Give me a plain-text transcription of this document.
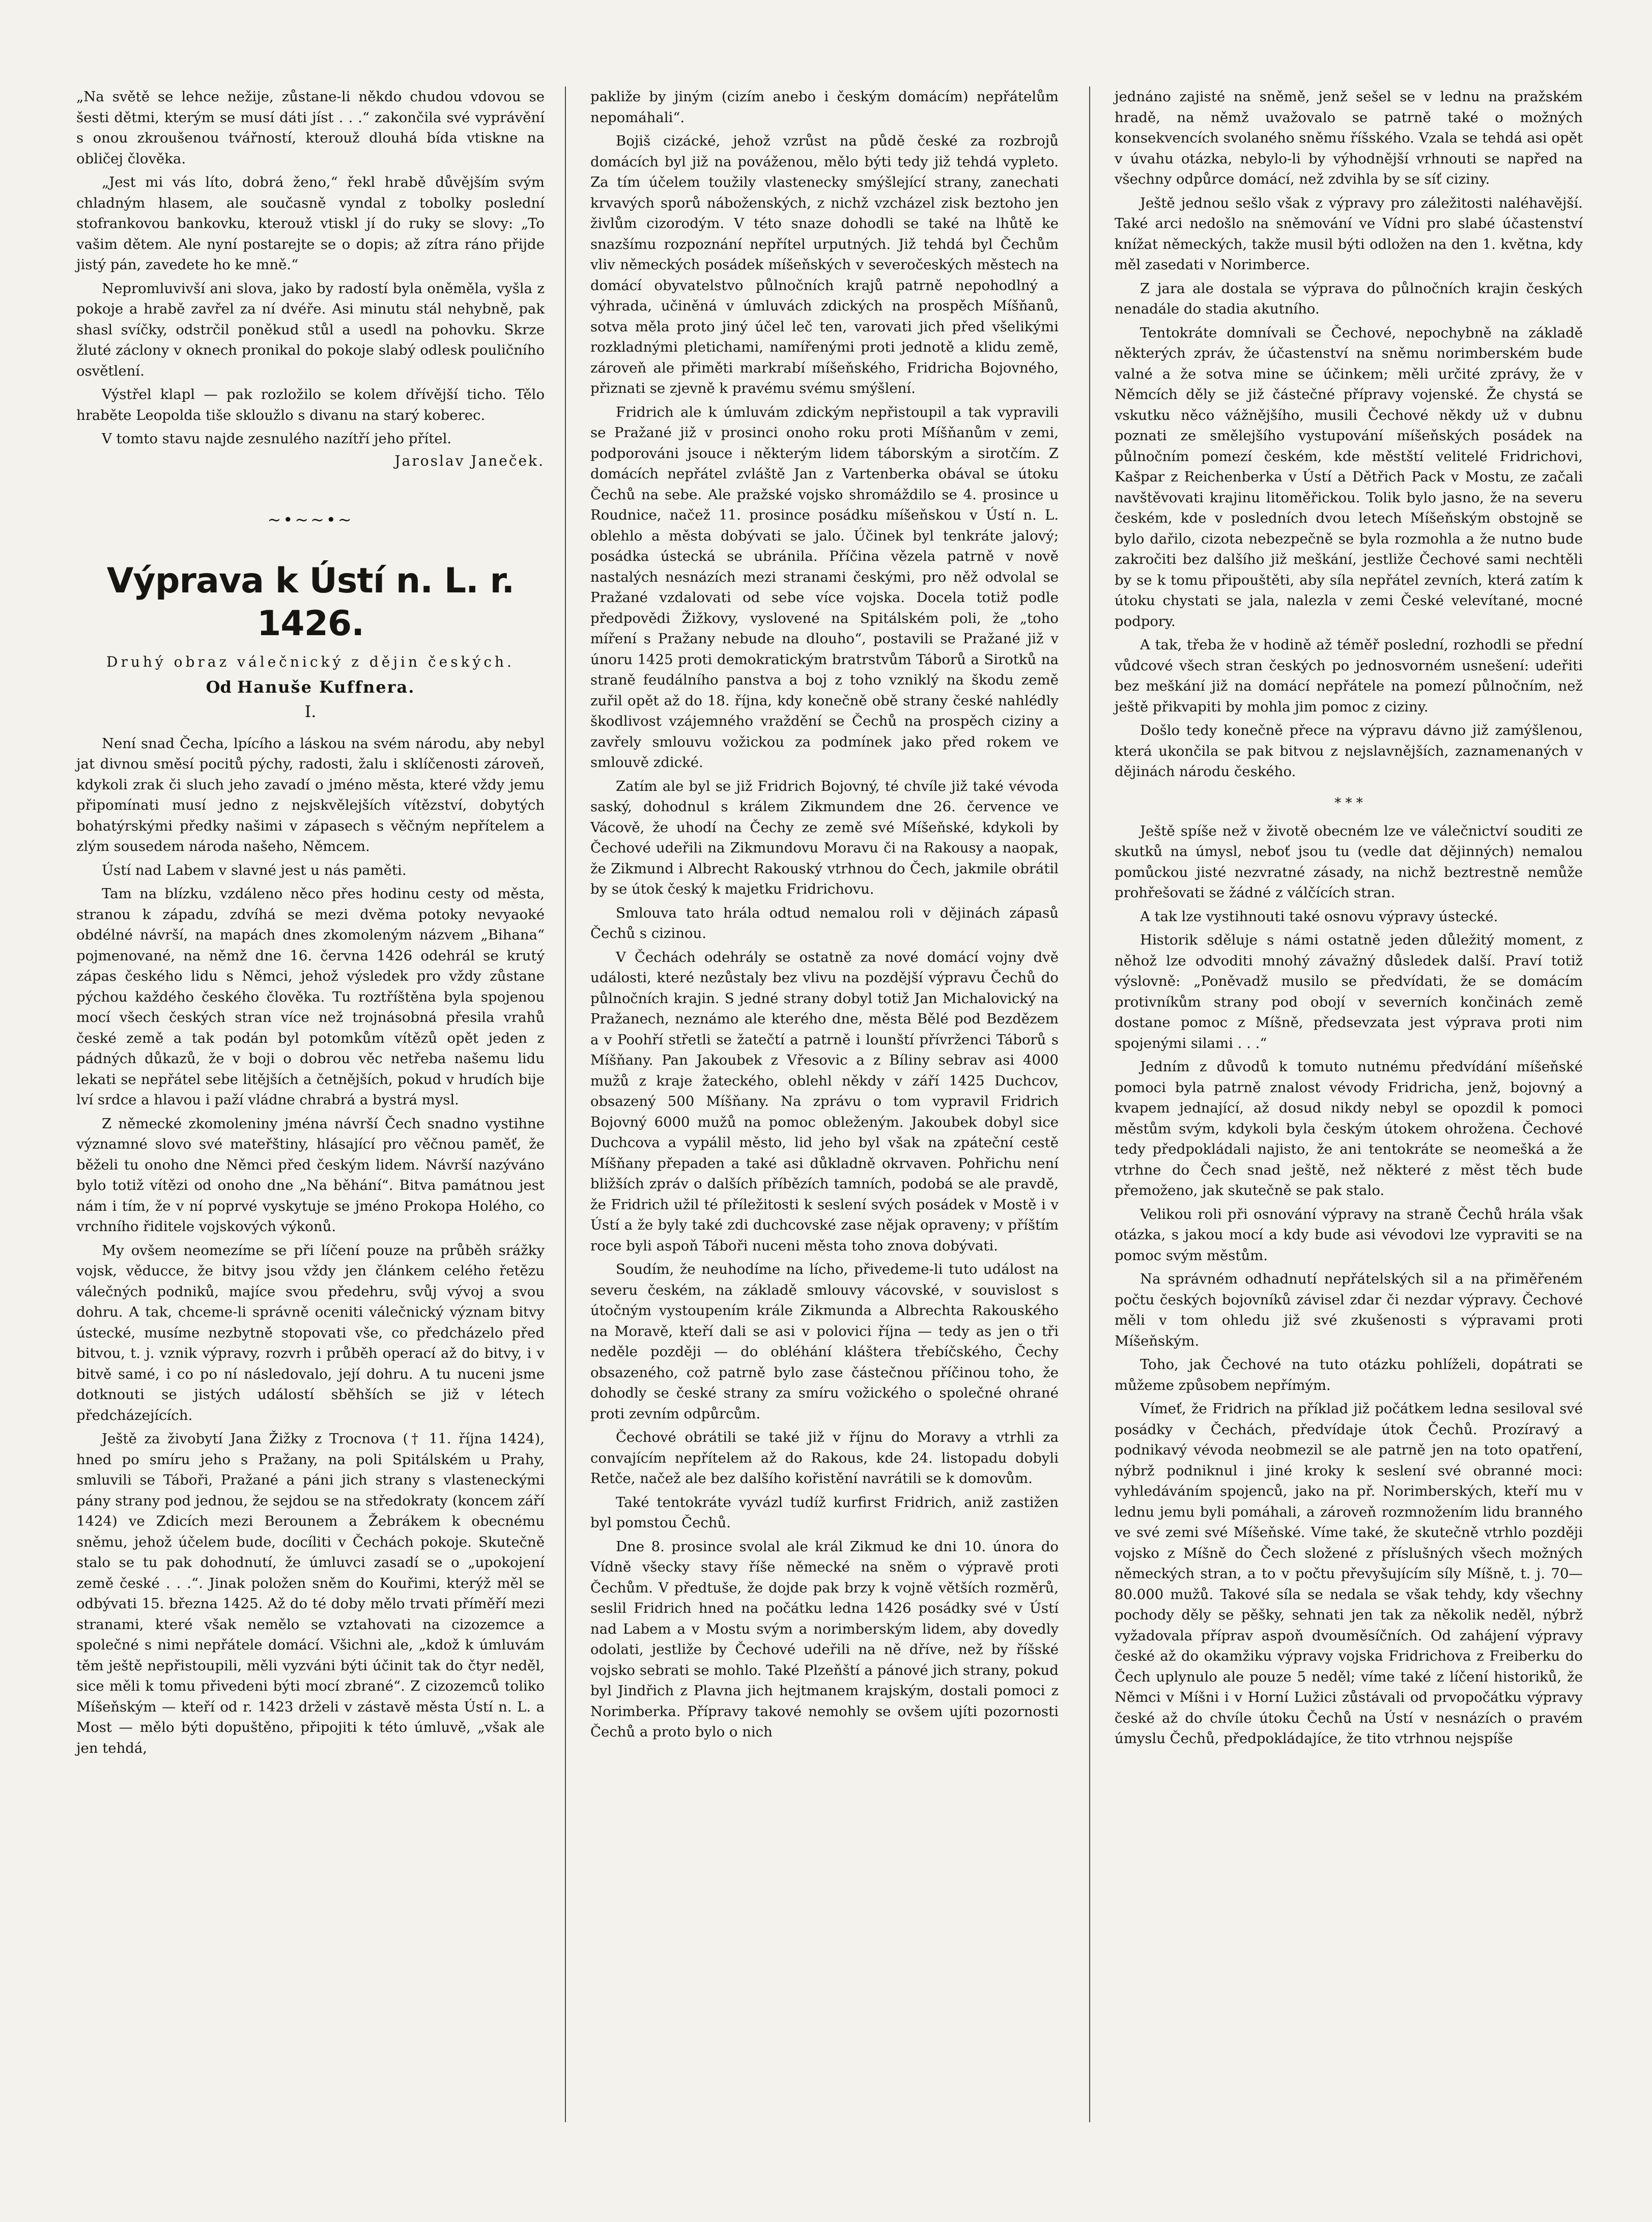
„Na světě se lehce nežije, zůstane-li někdo chudou vdovou se šesti dětmi, kterým se musí dáti jíst . . .“ zakončila své vyprávění s onou zkroušenou tvářností, kterouž dlouhá bída vtiskne na obličej člověka.

„Jest mi vás líto, dobrá ženo,“ řekl hrabě důvějším svým chladným hlasem, ale současně vyndal z tobolky poslední stofrankovou bankovku, kterouž vtiskl jí do ruky se slovy: „To vašim dětem. Ale nyní postarejte se o dopis; až zítra ráno přijde jistý pán, zavedete ho ke mně.“

Nepromluvivší ani slova, jako by radostí byla oněměla, vyšla z pokoje a hrabě zavřel za ní dvéře. Asi minutu stál nehybně, pak shasl svíčky, odstrčil poněkud stůl a usedl na pohovku. Skrze žluté záclony v oknech pronikal do pokoje slabý odlesk pouličního osvětlení.

Výstřel klapl — pak rozložilo se kolem dřívější ticho. Tělo hraběte Leopolda tiše skloužlo s divanu na starý koberec.

V tomto stavu najde zesnulého nazítří jeho přítel.

Jaroslav Janeček.
~•~~•~
Výprava k Ústí n. L. r. 1426.
Druhý obraz válečnický z dějin českých.
Od Hanuše Kuffnera.
I.

Není snad Čecha, lpícího a láskou na svém národu, aby nebyl jat divnou směsí pocitů pýchy, radosti, žalu i sklíčenosti zároveň, kdykoli zrak či sluch jeho zavadí o jméno města, které vždy jemu připomínati musí jedno z nejskvělejších vítězství, dobytých bohatýrskými předky našimi v zápasech s věčným nepřítelem a zlým sousedem národa našeho, Němcem.

Ústí nad Labem v slavné jest u nás paměti.

Tam na blízku, vzdáleno něco přes hodinu cesty od města, stranou k západu, zdvíhá se mezi dvěma potoky nevyaoké obdélné návrší, na mapách dnes zkomoleným názvem „Bihana“ pojmenované, na němž dne 16. června 1426 odehrál se krutý zápas českého lidu s Němci, jehož výsledek pro vždy zůstane pýchou každého českého člověka. Tu roztříštěna byla spojenou mocí všech českých stran více než trojnásobná přesila vrahů české země a tak podán byl potomkům vítězů opět jeden z pádných důkazů, že v boji o dobrou věc netřeba našemu lidu lekati se nepřátel sebe litějších a četnějších, pokud v hrudích bije lví srdce a hlavou i paží vládne chrabrá a bystrá mysl.

Z německé zkomoleniny jména návrší Čech snadno vystihne významné slovo své mateřštiny, hlásající pro věčnou paměť, že běželi tu onoho dne Němci před českým lidem. Návrší nazýváno bylo totiž vítězi od onoho dne „Na běhání“. Bitva památnou jest nám i tím, že v ní poprvé vyskytuje se jméno Prokopa Holého, co vrchního řiditele vojskových výkonů.

My ovšem neomezíme se při líčení pouze na průběh srážky vojsk, věducce, že bitvy jsou vždy jen článkem celého řetězu válečných podniků, majíce svou předehru, svůj vývoj a svou dohru. A tak, chceme-li správně oceniti válečnický význam bitvy ústecké, musíme nezbytně stopovati vše, co předcházelo před bitvou, t. j. vznik výpravy, rozvrh i průběh operací až do bitvy, i v bitvě samé, i co po ní následovalo, její dohru. A tu nuceni jsme dotknouti se jistých událostí sběhších se již v létech předcházejících.

Ještě za živobytí Jana Žižky z Trocnova († 11. října 1424), hned po smíru jeho s Pražany, na poli Spitálském u Prahy, smluvili se Táboři, Pražané a páni jich strany s vlasteneckými pány strany pod jednou, že sejdou se na středokraty (koncem září 1424) ve Zdicích mezi Berounem a Žebrákem k obecnému sněmu, jehož účelem bude, docíliti v Čechách pokoje. Skutečně stalo se tu pak dohodnutí, že úmluvci zasadí se o „upokojení země české . . .“. Jinak položen sněm do Kouřimi, kterýž měl se odbývati 15. března 1425. Až do té doby mělo trvati příměří mezi stranami, které však nemělo se vztahovati na cizozemce a společné s nimi nepřátele domácí. Všichni ale, „kdož k úmluvám těm ještě nepřistoupili, měli vyzváni býti účinit tak do čtyr neděl, sice měli k tomu přivedeni býti mocí zbrané“. Z cizozemců toliko Míšeňským — kteří od r. 1423 drželi v zástavě města Ústí n. L. a Most — mělo býti dopuštěno, připojiti k této úmluvě, „však ale jen tehdá,

pakliže by jiným (cizím anebo i českým domácím) nepřátelům nepomáhali“.

Bojiš cizácké, jehož vzrůst na půdě české za rozbrojů domácích byl již na pováženou, mělo býti tedy již tehdá vypleto. Za tím účelem toužily vlastenecky smýšlející strany, zanechati krvavých sporů náboženských, z nichž vzcházel zisk beztoho jen živlům cizorodým. V této snaze dohodli se také na lhůtě ke snazšímu rozpoznání nepřítel urputných. Již tehdá byl Čechům vliv německých posádek míšeňských v severočeských městech na domácí obyvatelstvo půlnočních krajů patrně nepohodlný a výhrada, učiněná v úmluvách zdických na prospěch Míšňanů, sotva měla proto jiný účel leč ten, varovati jich před všelikými rozkladnými pletichami, namířenými proti jednotě a klidu země, zároveň ale přiměti markrabí míšeňského, Fridricha Bojovného, přiznati se zjevně k pravému svému smýšlení.

Fridrich ale k úmluvám zdickým nepřistoupil a tak vypravili se Pražané již v prosinci onoho roku proti Míšňanům v zemi, podporováni jsouce i některým lidem táborským a sirotčím. Z domácích nepřátel zvláště Jan z Vartenberka obával se útoku Čechů na sebe. Ale pražské vojsko shromáždilo se 4. prosince u Roudnice, načež 11. prosince posádku míšeňskou v Ústí n. L. oblehlo a města dobývati se jalo. Účinek byl tenkráte jalový; posádka ústecká se ubránila. Příčina vězela patrně v nově nastalých nesnázích mezi stranami českými, pro něž odvolal se Pražané vzdalovati od sebe více vojska. Docela totiž podle předpovědi Žižkovy, vyslovené na Spitálském poli, že „toho míření s Pražany nebude na dlouho“, postavili se Pražané již v únoru 1425 proti demokratickým bratrstvům Táborů a Sirotků na straně feudálního panstva a boj z toho vzniklý na škodu země zuřil opět až do 18. října, kdy konečně obě strany české nahlédly škodlivost vzájemného vraždění se Čechů na prospěch ciziny a zavřely smlouvu vožickou za podmínek jako před rokem ve smlouvě zdické.

Zatím ale byl se již Fridrich Bojovný, té chvíle již také vévoda saský, dohodnul s králem Zikmundem dne 26. července ve Vácově, že uhodí na Čechy ze země své Míšeňské, kdykoli by Čechové udeřili na Zikmundovu Moravu či na Rakousy a naopak, že Zikmund i Albrecht Rakouský vtrhnou do Čech, jakmile obrátil by se útok český k majetku Fridrichovu.

Smlouva tato hrála odtud nemalou roli v dějinách zápasů Čechů s cizinou.

V Čechách odehrály se ostatně za nové domácí vojny dvě události, které nezůstaly bez vlivu na pozdější výpravu Čechů do půlnočních krajin. S jedné strany dobyl totiž Jan Michalovický na Pražanech, neznámo ale kterého dne, města Bělé pod Bezdězem a v Poohří střetli se žatečtí a patrně i lounští přívrženci Táborů s Míšňany. Pan Jakoubek z Vřesovic a z Bíliny sebrav asi 4000 mužů z kraje žateckého, oblehl někdy v září 1425 Duchcov, obsazený 500 Míšňany. Na zprávu o tom vypravil Fridrich Bojovný 6000 mužů na pomoc obleženým. Jakoubek dobyl sice Duchcova a vypálil město, lid jeho byl však na zpáteční cestě Míšňany přepaden a také asi důkladně okrvaven. Pohřichu není bližších zpráv o dalších příbězích tamních, podobá se ale pravdě, že Fridrich užil té příležitosti k seslení svých posádek v Mostě i v Ústí a že byly také zdi duchcovské zase nějak opraveny; v příštím roce byli aspoň Táboři nuceni města toho znova dobývati.

Soudím, že neuhodíme na lícho, přivedeme-li tuto událost na severu českém, na základě smlouvy vácovské, v souvislost s útočným vystoupením krále Zikmunda a Albrechta Rakouského na Moravě, kteří dali se asi v polovici října — tedy as jen o tři neděle později — do obléhání kláštera třebíčského, Čechy obsazeného, což patrně bylo zase částečnou příčinou toho, že dohodly se české strany za smíru vožického o společné ohrané proti zevním odpůrcům.

Čechové obrátili se také již v říjnu do Moravy a vtrhli za convajícím nepřítelem až do Rakous, kde 24. listopadu dobyli Retče, načež ale bez dalšího kořistění navrátili se k domovům.

Také tentokráte vyvázl tudíž kurfirst Fridrich, aniž zastižen byl pomstou Čechů.

Dne 8. prosince svolal ale král Zikmud ke dni 10. února do Vídně všecky stavy říše německé na sněm o výpravě proti Čechům. V předtuše, že dojde pak brzy k vojně větších rozměrů, seslil Fridrich hned na počátku ledna 1426 posádky své v Ústí nad Labem a v Mostu svým a norimberským lidem, aby dovedly odolati, jestliže by Čechové udeřili na ně dříve, než by říšské vojsko sebrati se mohlo. Také Plzeňští a pánové jich strany, pokud byl Jindřich z Plavna jich hejtmanem krajským, dostali pomoci z Norimberka. Přípravy takové nemohly se ovšem ujíti pozornosti Čechů a proto bylo o nich

jednáno zajisté na sněmě, jenž sešel se v lednu na pražském hradě, na němž uvažovalo se patrně také o možných konsekvencích svolaného sněmu říšského. Vzala se tehdá asi opět v úvahu otázka, nebylo-li by výhodnější vrhnouti se napřed na všechny odpůrce domácí, než zdvihla by se síť ciziny.

Ještě jednou sešlo však z výpravy pro záležitosti naléhavější. Také arci nedošlo na sněmování ve Vídni pro slabé účastenství knížat německých, takže musil býti odložen na den 1. května, kdy měl zasedati v Norimberce.

Z jara ale dostala se výprava do půlnočních krajin českých nenadále do stadia akutního.

Tentokráte domnívali se Čechové, nepochybně na základě některých zpráv, že účastenství na sněmu norimberském bude valné a že sotva mine se účinkem; měli určité zprávy, že v Němcích děly se již částečné přípravy vojenské. Že chystá se vskutku něco vážnějšího, musili Čechové někdy už v dubnu poznati ze smělejšího vystupování míšeňských posádek na půlnočním pomezí českém, kde městští velitelé Fridrichovi, Kašpar z Reichenberka v Ústí a Dětřich Pack v Mostu, ze začali navštěvovati krajinu litoměřickou. Tolik bylo jasno, že na severu českém, kde v posledních dvou letech Míšeňským obstojně se bylo dařilo, cizota nebezpečně se byla rozmohla a že nutno bude zakročiti bez dalšího již meškání, jestliže Čechové sami nechtěli by se k tomu připouštěti, aby síla nepřátel zevních, která zatím k útoku chystati se jala, nalezla v zemi České velevítané, mocné podpory.

A tak, třeba že v hodině až téměř poslední, rozhodli se přední vůdcové všech stran českých po jednosvorném usnešení: udeřiti bez meškání již na domácí nepřátele na pomezí půlnočním, než ještě přikvapiti by mohla jim pomoc z ciziny.

Došlo tedy konečně přece na výpravu dávno již zamýšlenou, která ukončila se pak bitvou z nejslavnějších, zaznamenaných v dějinách národu českého.

* * *

Ještě spíše než v životě obecném lze ve válečnictví souditi ze skutků na úmysl, neboť jsou tu (vedle dat dějinných) nemalou pomůckou jisté nezvratné zásady, na nichž beztrestně nemůže prohřešovati se žádné z válčících stran.

A tak lze vystihnouti také osnovu výpravy ústecké.

Historik sděluje s námi ostatně jeden důležitý moment, z něhož lze odvoditi mnohý závažný důsledek další. Praví totiž výslovně: „Poněvadž musilo se předvídati, že se domácím protivníkům strany pod obojí v severních končinách země dostane pomoc z Míšně, předsevzata jest výprava proti nim spojenými silami . . .“

Jedním z důvodů k tomuto nutnému předvídání míšeňské pomoci byla patrně znalost vévody Fridricha, jenž, bojovný a kvapem jednající, až dosud nikdy nebyl se opozdil k pomoci městům svým, kdykoli byla českým útokem ohrožena. Čechové tedy předpokládali najisto, že ani tentokráte se neomešká a že vtrhne do Čech snad ještě, než některé z měst těch bude přemoženo, jak skutečně se pak stalo.

Velikou roli při osnování výpravy na straně Čechů hrála však otázka, s jakou mocí a kdy bude asi vévodovi lze vypraviti se na pomoc svým městům.

Na správném odhadnutí nepřátelských sil a na přiměřeném počtu českých bojovníků závisel zdar či nezdar výpravy. Čechové měli v tom ohledu již své zkušenosti s výpravami proti Míšeňským.

Toho, jak Čechové na tuto otázku pohlíželi, dopátrati se můžeme způsobem nepřímým.

Vímeť, že Fridrich na příklad již počátkem ledna sesiloval své posádky v Čechách, předvídaje útok Čechů. Prozíravý a podnikavý vévoda neobmezil se ale patrně jen na toto opatření, nýbrž podniknul i jiné kroky k seslení své obranné moci: vyhledáváním spojenců, jako na př. Norimberských, kteří mu v lednu jemu byli pomáhali, a zároveň rozmnožením lidu branného ve své zemi své Míšeňské. Víme také, že skutečně vtrhlo později vojsko z Míšně do Čech složené z příslušných všech možných německých stran, a to v počtu převyšujícím síly Míšně, t. j. 70—80.000 mužů. Takové síla se nedala se však tehdy, kdy všechny pochody děly se pěšky, sehnati jen tak za několik neděl, nýbrž vyžadovala příprav aspoň dvouměsíčních. Od zahájení výpravy české až do okamžiku výpravy vojska Fridrichova z Freiberku do Čech uplynulo ale pouze 5 neděl; víme také z líčení historiků, že Němci v Míšni i v Horní Lužici zůstávali od prvopočátku výpravy české až do chvíle útoku Čechů na Ústí v nesnázích o pravém úmyslu Čechů, předpokládajíce, že tito vtrhnou nejspíše
